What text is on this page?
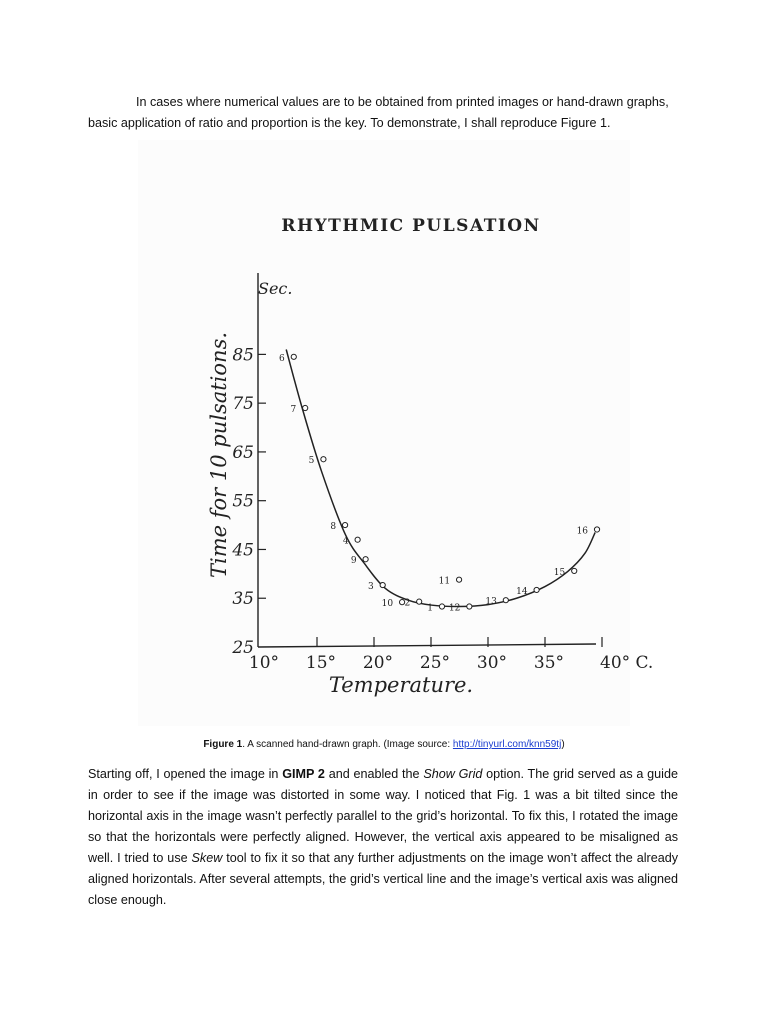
In cases where numerical values are to be obtained from printed images or hand-drawn graphs,
basic application of ratio and proportion is the key. To demonstrate, I shall reproduce Figure 1.

RHYTHMIC PULSATION
Sec.
Time for 10 pulsations.
Temperature.
25
35
45
55
65
75
85
10° 15° 20° 25° 30° 35° 40° C.
6
7
5
8
4
9
3
10 2 1
11
12
13
14
15
16
Figure 1. A scanned hand-drawn graph. (Image source: http://tinyurl.com/knn59tj)

Starting off, I opened the image in GIMP 2 and enabled the Show Grid option. The grid served as a guide in order to see if the image was distorted in some way. I noticed that Fig. 1 was a bit tilted since the horizontal axis in the image wasn’t perfectly parallel to the grid’s horizontal. To fix this, I rotated the image so that the horizontals were perfectly aligned. However, the vertical axis appeared to be misaligned as well. I tried to use Skew tool to fix it so that any further adjustments on the image won’t affect the already aligned horizontals. After several attempts, the grid’s vertical line and the image’s vertical axis was aligned close enough.
